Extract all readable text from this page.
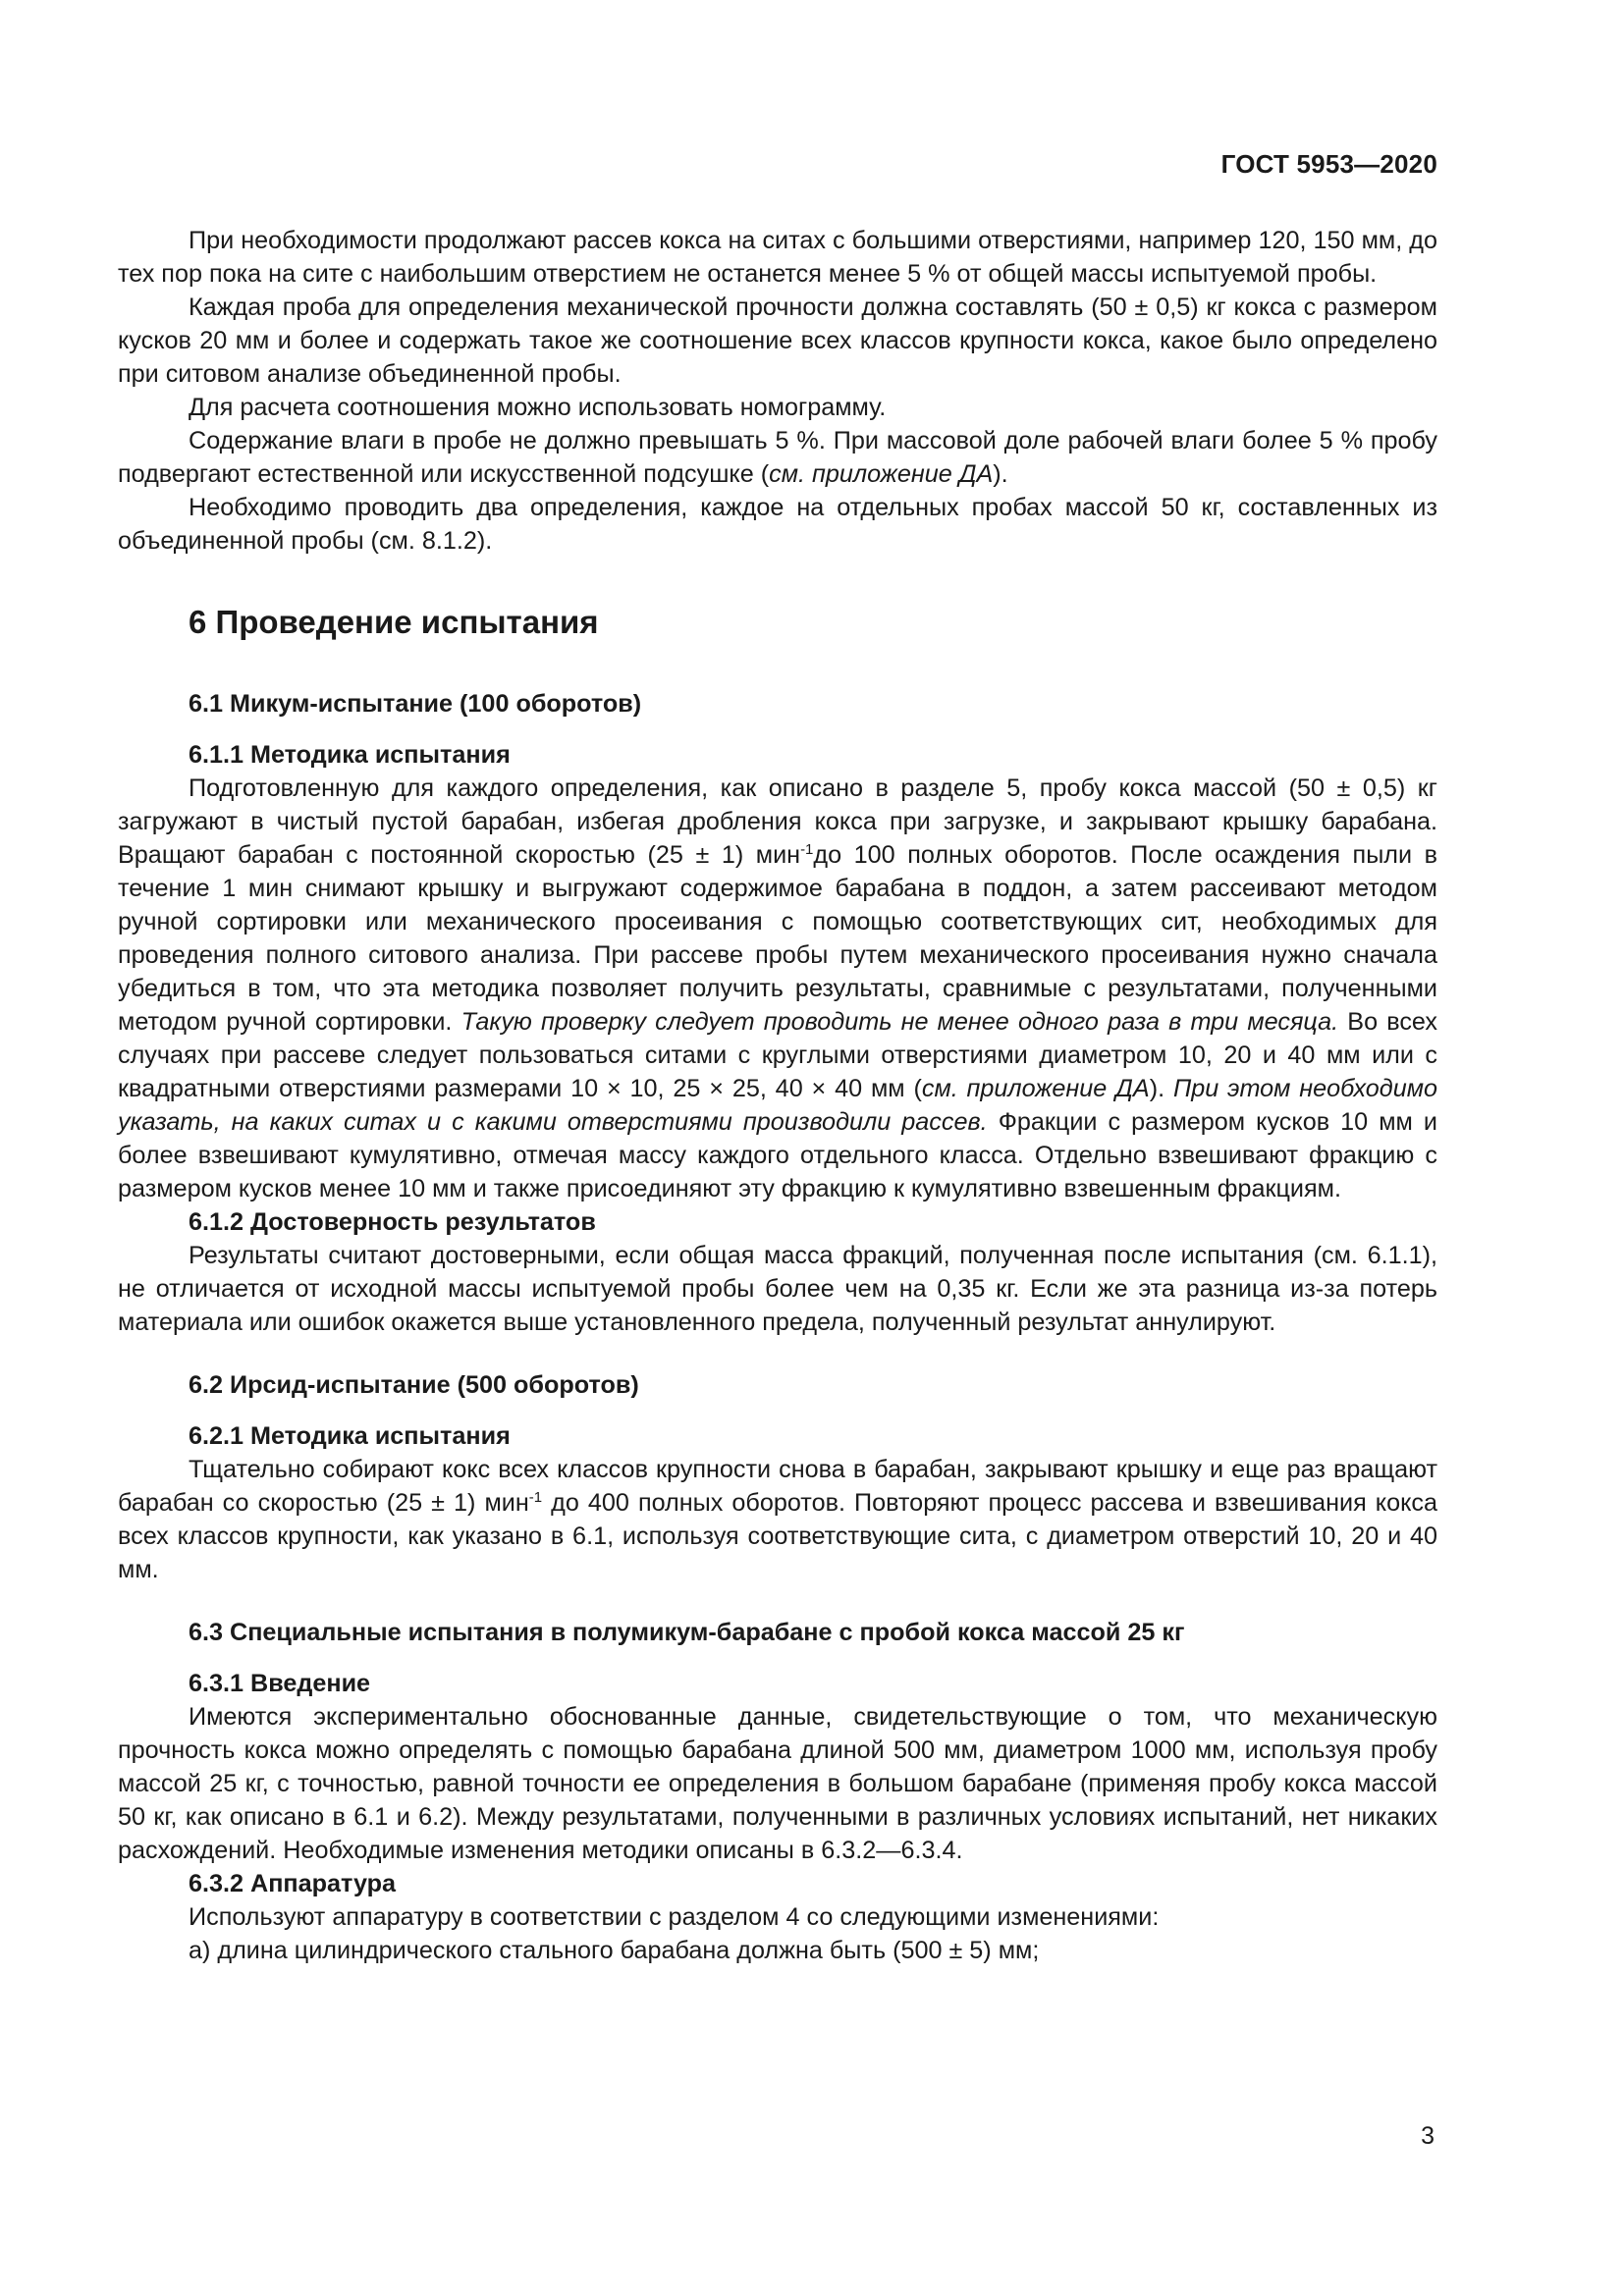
ГОСТ 5953—2020

При необходимости продолжают рассев кокса на ситах с большими отверстиями, например 120, 150 мм, до тех пор пока на сите с наибольшим отверстием не останется менее 5 % от общей массы испытуемой пробы.

Каждая проба для определения механической прочности должна составлять (50 ± 0,5) кг кокса с размером кусков 20 мм и более и содержать такое же соотношение всех классов крупности кокса, какое было определено при ситовом анализе объединенной пробы.

Для расчета соотношения можно использовать номограмму.

Содержание влаги в пробе не должно превышать 5 %. При массовой доле рабочей влаги более 5 % пробу подвергают естественной или искусственной подсушке (см. приложение ДА).

Необходимо проводить два определения, каждое на отдельных пробах массой 50 кг, составленных из объединенной пробы (см. 8.1.2).

6 Проведение испытания
6.1 Микум-испытание (100 оборотов)
6.1.1 Методика испытания

Подготовленную для каждого определения, как описано в разделе 5, пробу кокса массой (50 ± 0,5) кг загружают в чистый пустой барабан, избегая дробления кокса при загрузке, и закрывают крышку барабана. Вращают барабан с постоянной скоростью (25 ± 1) мин$^{-1}$до 100 полных оборотов. После осаждения пыли в течение 1 мин снимают крышку и выгружают содержимое барабана в поддон, а затем рассеивают методом ручной сортировки или механического просеивания с помощью соответствующих сит, необходимых для проведения полного ситового анализа. При рассеве пробы путем механического просеивания нужно сначала убедиться в том, что эта методика позволяет получить результаты, сравнимые с результатами, полученными методом ручной сортировки. Такую проверку следует проводить не менее одного раза в три месяца. Во всех случаях при рассеве следует пользоваться ситами с круглыми отверстиями диаметром 10, 20 и 40 мм или с квадратными отверстиями размерами 10 × 10, 25 × 25, 40 × 40 мм (см. приложение ДА). При этом необходимо указать, на каких ситах и с какими отверстиями производили рассев. Фракции с размером кусков 10 мм и более взвешивают кумулятивно, отмечая массу каждого отдельного класса. Отдельно взвешивают фракцию с размером кусков менее 10 мм и также присоединяют эту фракцию к кумулятивно взвешенным фракциям.

6.1.2 Достоверность результатов

Результаты считают достоверными, если общая масса фракций, полученная после испытания (см. 6.1.1), не отличается от исходной массы испытуемой пробы более чем на 0,35 кг. Если же эта разница из-за потерь материала или ошибок окажется выше установленного предела, полученный результат аннулируют.

6.2 Ирсид-испытание (500 оборотов)
6.2.1 Методика испытания

Тщательно собирают кокс всех классов крупности снова в барабан, закрывают крышку и еще раз вращают барабан со скоростью (25 ± 1) мин$^{-1}$ до 400 полных оборотов. Повторяют процесс рассева и взвешивания кокса всех классов крупности, как указано в 6.1, используя соответствующие сита, с диаметром отверстий 10, 20 и 40 мм.

6.3 Специальные испытания в полумикум-барабане с пробой кокса массой 25 кг
6.3.1 Введение

Имеются экспериментально обоснованные данные, свидетельствующие о том, что механическую прочность кокса можно определять с помощью барабана длиной 500 мм, диаметром 1000 мм, используя пробу массой 25 кг, с точностью, равной точности ее определения в большом барабане (применяя пробу кокса массой 50 кг, как описано в 6.1 и 6.2). Между результатами, полученными в различных условиях испытаний, нет никаких расхождений. Необходимые изменения методики описаны в 6.3.2—6.3.4.

6.3.2 Аппаратура

Используют аппаратуру в соответствии с разделом 4 со следующими изменениями:

а) длина цилиндрического стального барабана должна быть (500 ± 5) мм;

3
